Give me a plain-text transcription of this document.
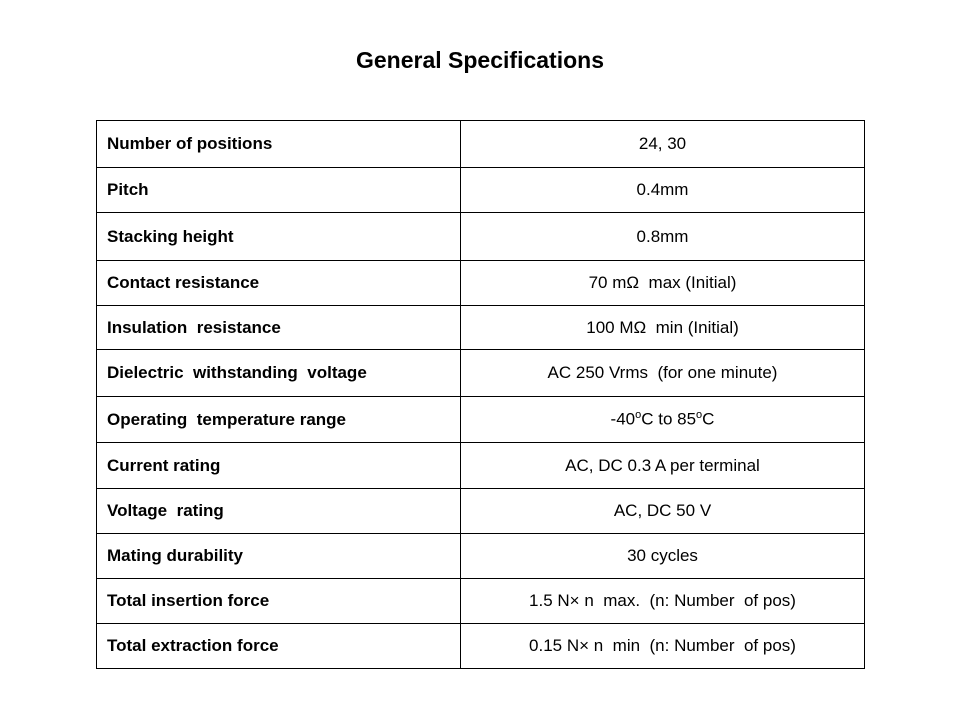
General Specifications
Number of positions	24, 30
Pitch	0.4mm
Stacking height	0.8mm
Contact resistance	70 mΩ  max (Initial)
Insulation  resistance	100 MΩ  min (Initial)
Dielectric  withstanding  voltage	AC 250 Vrms  (for one minute)
Operating  temperature range	-40$^o$C to 85$^o$C
Current rating	AC, DC 0.3 A per terminal
Voltage  rating	AC, DC 50 V
Mating durability	30 cycles
Total insertion force	1.5 N× n  max.  (n: Number  of pos)
Total extraction force	0.15 N× n  min  (n: Number  of pos)
